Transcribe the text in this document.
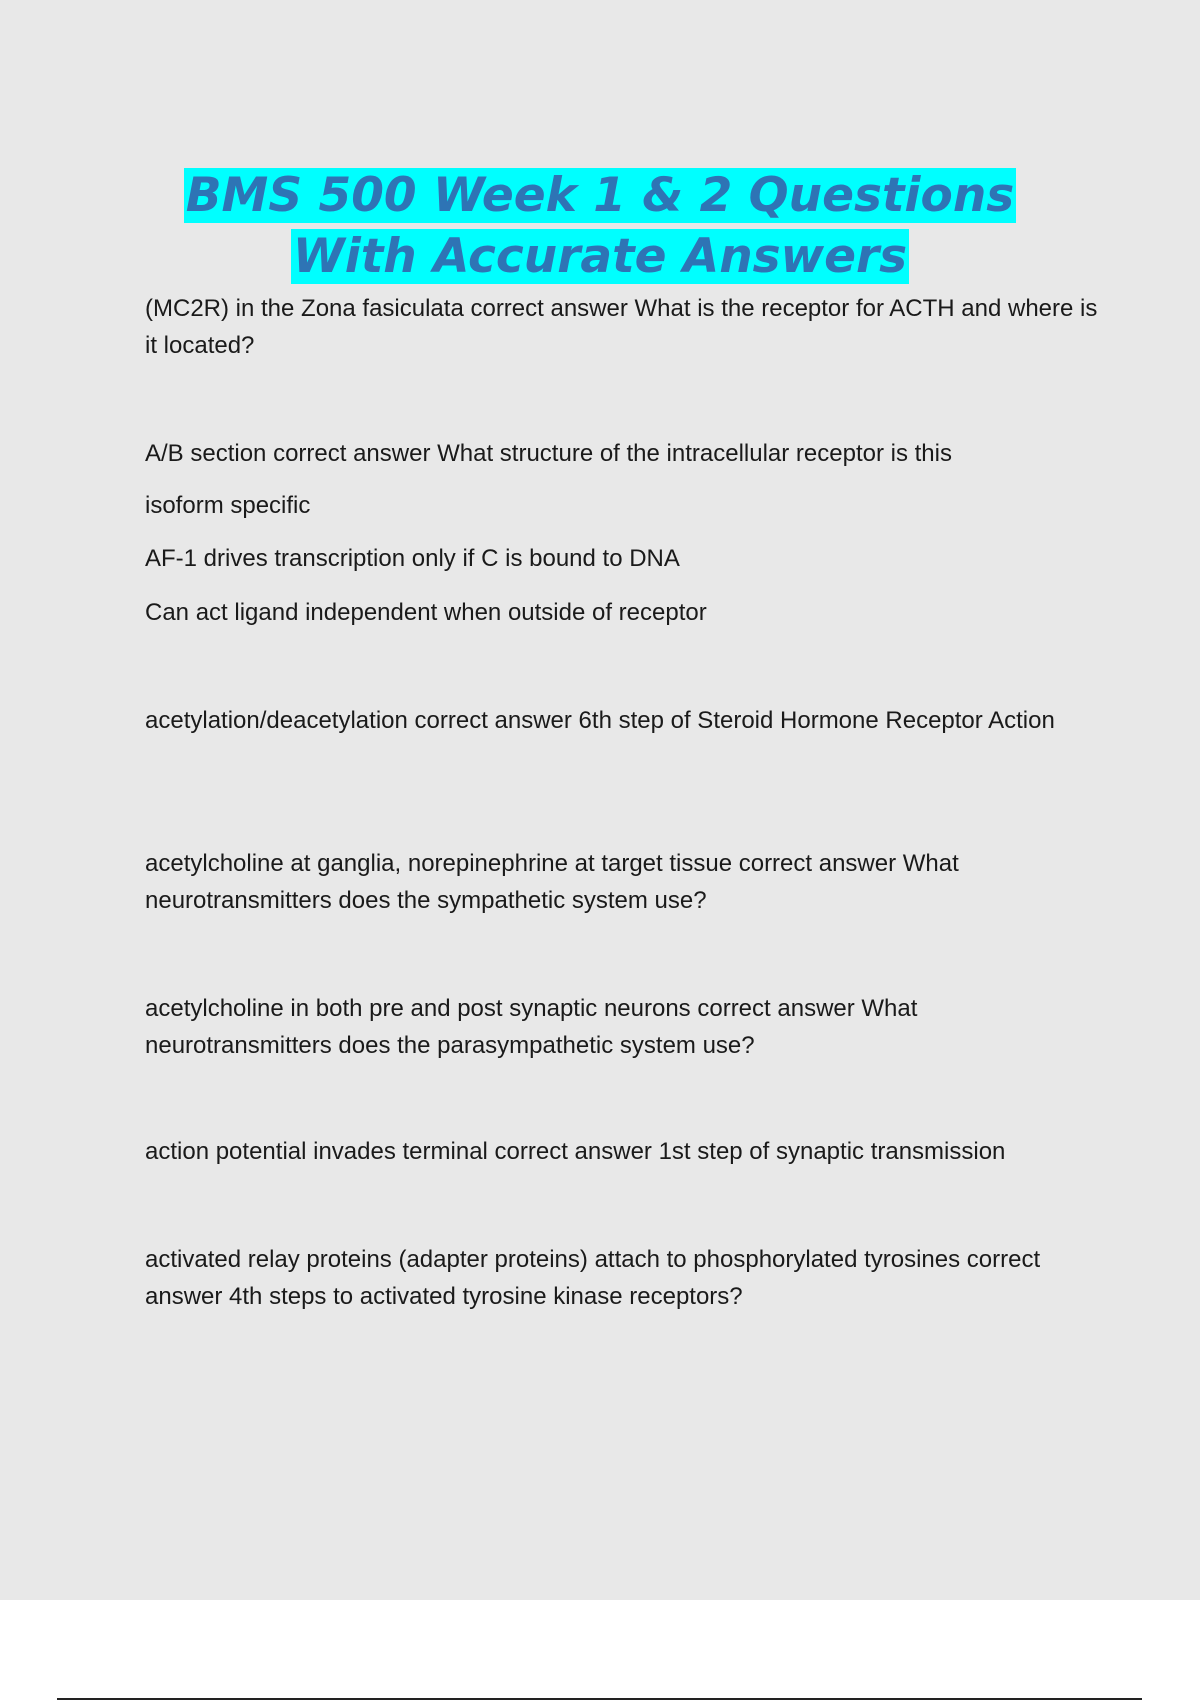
BMS 500 Week 1 & 2 Questions
With Accurate Answers

(MC2R) in the Zona fasiculata correct answer What is the receptor for ACTH and where is it located?

A/B section correct answer What structure of the intracellular receptor is this

isoform specific

AF-1 drives transcription only if C is bound to DNA

Can act ligand independent when outside of receptor

acetylation/deacetylation correct answer 6th step of Steroid Hormone Receptor Action

acetylcholine at ganglia, norepinephrine at target tissue correct answer What neurotransmitters does the sympathetic system use?

acetylcholine in both pre and post synaptic neurons correct answer What neurotransmitters does the parasympathetic system use?

action potential invades terminal correct answer 1st step of synaptic transmission

activated relay proteins (adapter proteins) attach to phosphorylated tyrosines correct answer 4th steps to activated tyrosine kinase receptors?
